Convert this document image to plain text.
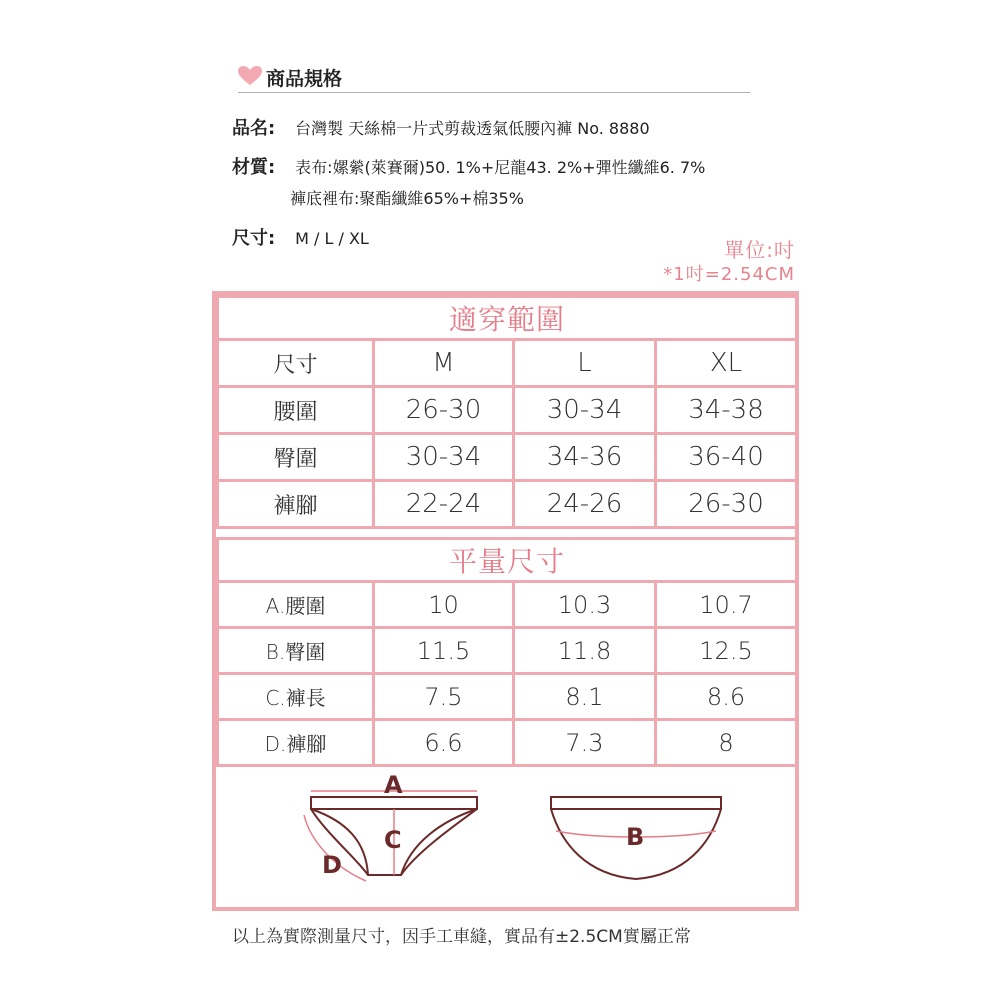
商品規格
品名: 台灣製 天絲棉一片式剪裁透氣低腰內褲 No. 8880
材質: 表布:嫘縈(萊賽爾)50. 1%+尼龍43. 2%+彈性纖維6. 7%
褲底裡布:聚酯纖維65%+棉35%
尺寸: M / L / XL	單位:吋
*1吋=2.54CM
適穿範圍			
尺寸	M	L	XL
腰圍	26-30	30-34	34-38
臀圍	30-34	34-36	36-40
褲腳	22-24	24-26	26-30
平量尺寸			
A.腰圍	10	10.3	10.7
B.臀圍	11.5	11.8	12.5
C.褲長	7.5	8.1	8.6
D.褲腳	6.6	7.3	8
A
C
D
B
以上為實際測量尺寸，因手工車縫，實品有±2.5CM實屬正常
